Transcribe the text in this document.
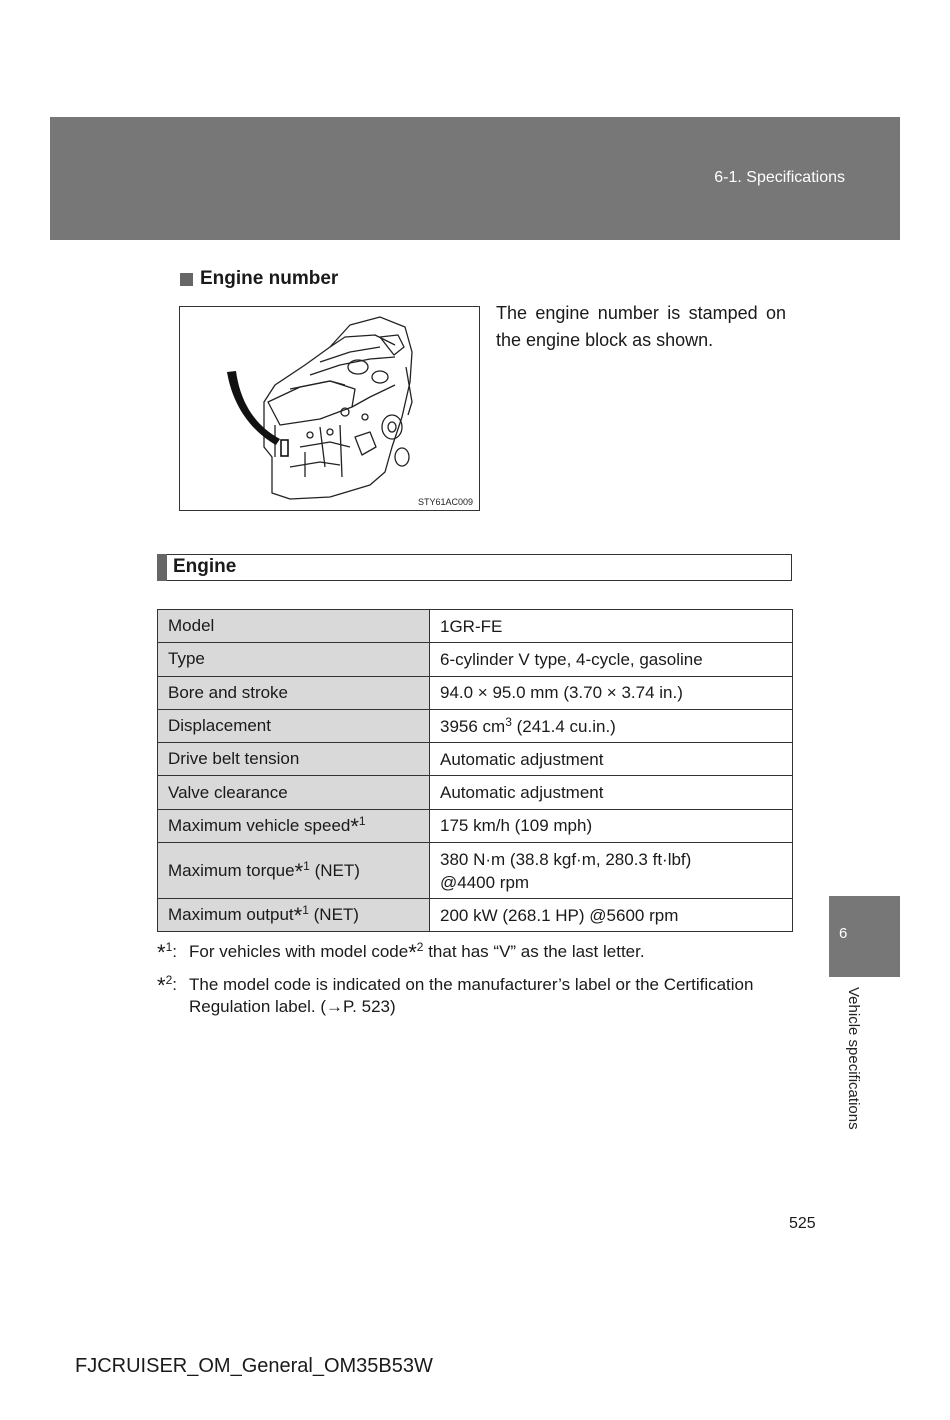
6-1. Specifications
Engine number
STY61AC009

The engine number is stamped on the engine block as shown.

Engine
Model	1GR-FE
Type	6-cylinder V type, 4-cycle, gasoline
Bore and stroke	94.0 × 95.0 mm (3.70 × 3.74 in.)
Displacement	3956 $cm^3$ (241.4 cu.in.)
Drive belt tension	Automatic adjustment
Valve clearance	Automatic adjustment
Maximum vehicle speed*$^1$	175 km/h (109 mph)
Maximum torque*$^1$ (NET)	380 N·m (38.8 kgf·m, 280.3 ft·lbf)
@4400 rpm
Maximum output*$^1$ (NET)	200 kW (268.1 HP) @5600 rpm
*$^1$: For vehicles with model code*$^2$ that has “V” as the last letter.
*$^2$: The model code is indicated on the manufacturer’s label or the Certification Regulation label. (→P. 523)
6
Vehicle specifications
525
FJCRUISER_OM_General_OM35B53W
